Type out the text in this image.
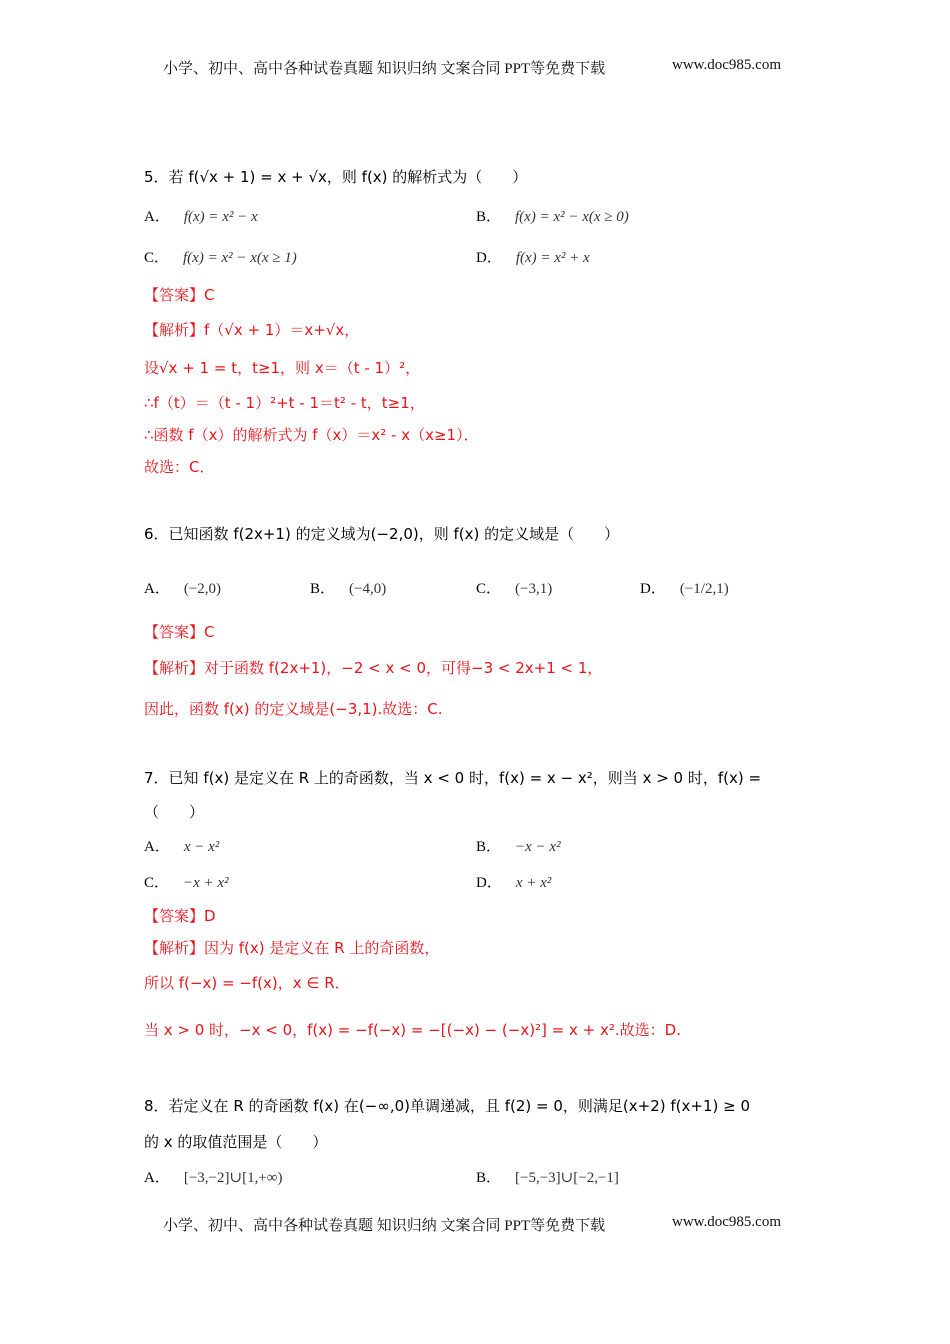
小学、初中、高中各种试卷真题 知识归纳 文案合同 PPT等免费下载	www.doc985.com
5．若 f(√x + 1) = x + √x，则 f(x) 的解析式为（　　）
A． f(x) = x² − x	B． f(x) = x² − x(x ≥ 0)
C． f(x) = x² − x(x ≥ 1)	D． f(x) = x² + x
【答案】C
【解析】f（√x + 1）＝x+√x，
设√x + 1 = t，t≥1，则 x＝（t - 1）²，
∴f（t）＝（t - 1）²+t - 1＝t² - t，t≥1，
∴函数 f（x）的解析式为 f（x）＝x² - x（x≥1）．
故选：C．
6．已知函数 f(2x+1) 的定义域为(−2,0)，则 f(x) 的定义域是（　　）
A． (−2,0)	B． (−4,0)	C． (−3,1)	D． (−1/2,1)
【答案】C
【解析】对于函数 f(2x+1)，−2 < x < 0，可得−3 < 2x+1 < 1，
因此，函数 f(x) 的定义域是(−3,1).故选：C.
7．已知 f(x) 是定义在 R 上的奇函数，当 x < 0 时，f(x) = x − x²，则当 x > 0 时，f(x) =
（　　）
A． x − x²	B． −x − x²
C． −x + x²	D． x + x²
【答案】D
【解析】因为 f(x) 是定义在 R 上的奇函数，
所以 f(−x) = −f(x)，x ∈ R．
当 x > 0 时，−x < 0，f(x) = −f(−x) = −[(−x) − (−x)²] = x + x².故选：D.
8．若定义在 R 的奇函数 f(x) 在(−∞,0)单调递减，且 f(2) = 0，则满足(x+2) f(x+1) ≥ 0
的 x 的取值范围是（　　）
A． [−3,−2]∪[1,+∞)	B． [−5,−3]∪[−2,−1]
小学、初中、高中各种试卷真题 知识归纳 文案合同 PPT等免费下载	www.doc985.com
